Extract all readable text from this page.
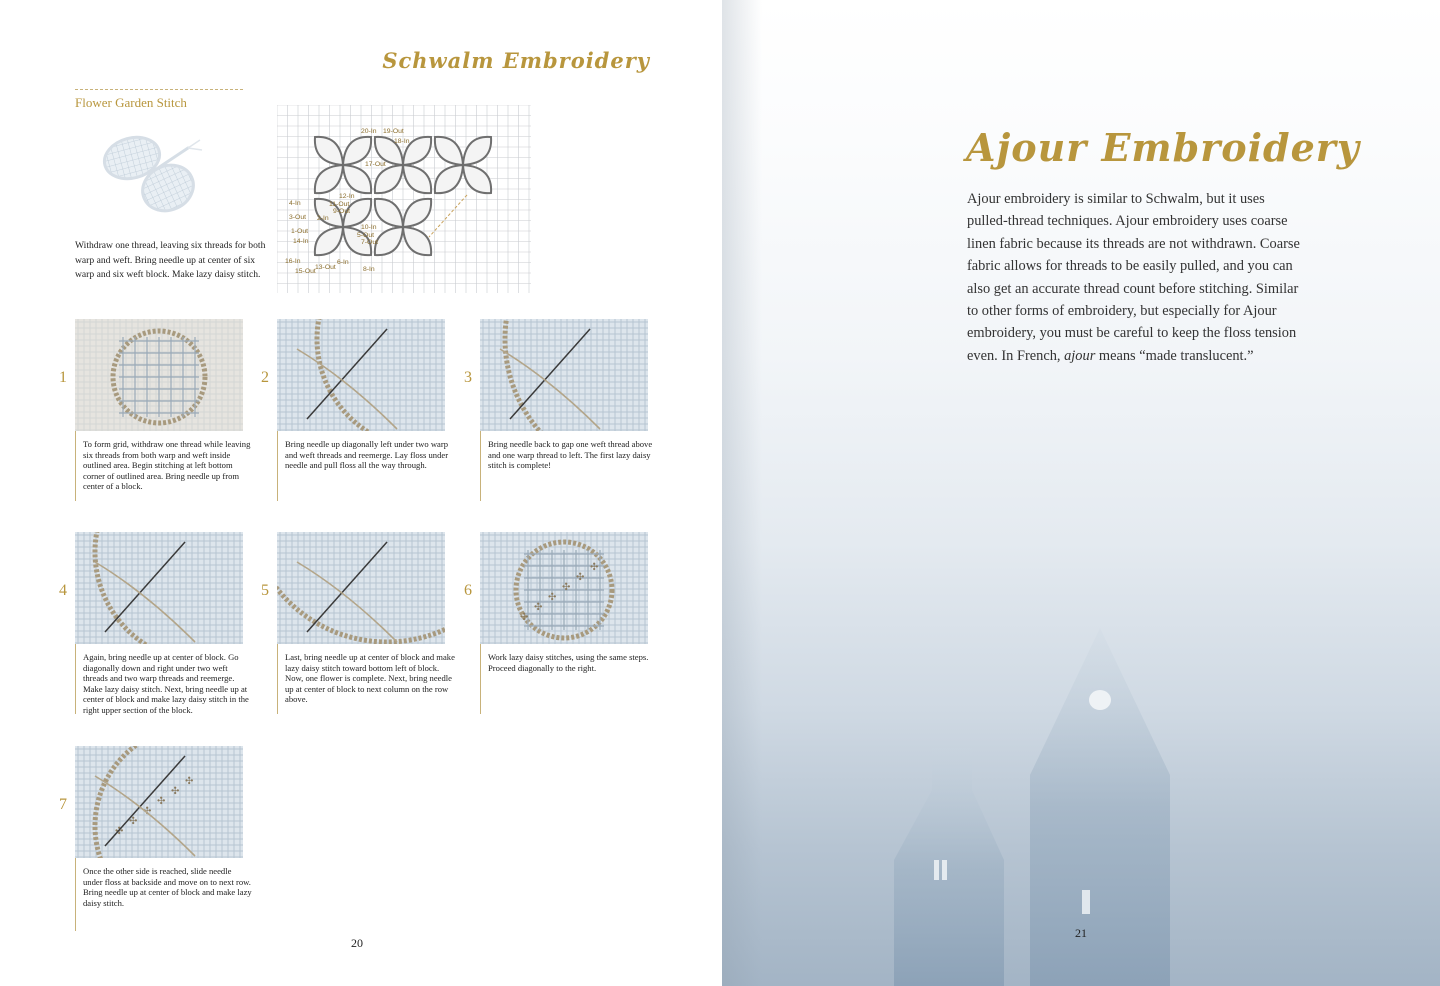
Schwalm Embroidery
Flower Garden Stitch
Withdraw one thread, leaving six threads for both warp and weft. Bring needle up at center of six warp and six weft block. Make lazy daisy stitch.
20-In 19-Out
18-In
17-Out
4-In
3-Out
1-Out
14-In
12-In
11-Out
2-In
9-Out
10-In
5-Out
7-Out
16-In
15-Out
13-Out
6-In
8-In
1
To form grid, withdraw one thread while leaving six threads from both warp and weft inside outlined area. Begin stitching at left bottom corner of outlined area. Bring needle up from center of a block.
2
Bring needle up diagonally left under two warp and weft threads and reemerge. Lay floss under needle and pull floss all the way through.
3
Bring needle back to gap one weft thread above and one warp thread to left. The first lazy daisy stitch is complete!
4
Again, bring needle up at center of block. Go diagonally down and right under two weft threads and two warp threads and reemerge. Make lazy daisy stitch. Next, bring needle up at center of block and make lazy daisy stitch in the right upper section of the block.
5
Last, bring needle up at center of block and make lazy daisy stitch toward bottom left of block. Now, one flower is complete. Next, bring needle up at center of block to next column on the row above.
6
✣
✣
✣
✣
✣
✣
Work lazy daisy stitches, using the same steps. Proceed diagonally to the right.
7
✣
✣
✣
✣
✣
✣
Once the other side is reached, slide needle under floss at backside and move on to next row. Bring needle up at center of block and make lazy daisy stitch.
20
Ajour Embroidery
Ajour embroidery is similar to Schwalm, but it uses pulled-thread techniques. Ajour embroidery uses coarse linen fabric because its threads are not withdrawn. Coarse fabric allows for threads to be easily pulled, and you can also get an accurate thread count before stitching. Similar to other forms of embroidery, but especially for Ajour embroidery, you must be careful to keep the floss tension even. In French, ajour means “made translucent.”
21
